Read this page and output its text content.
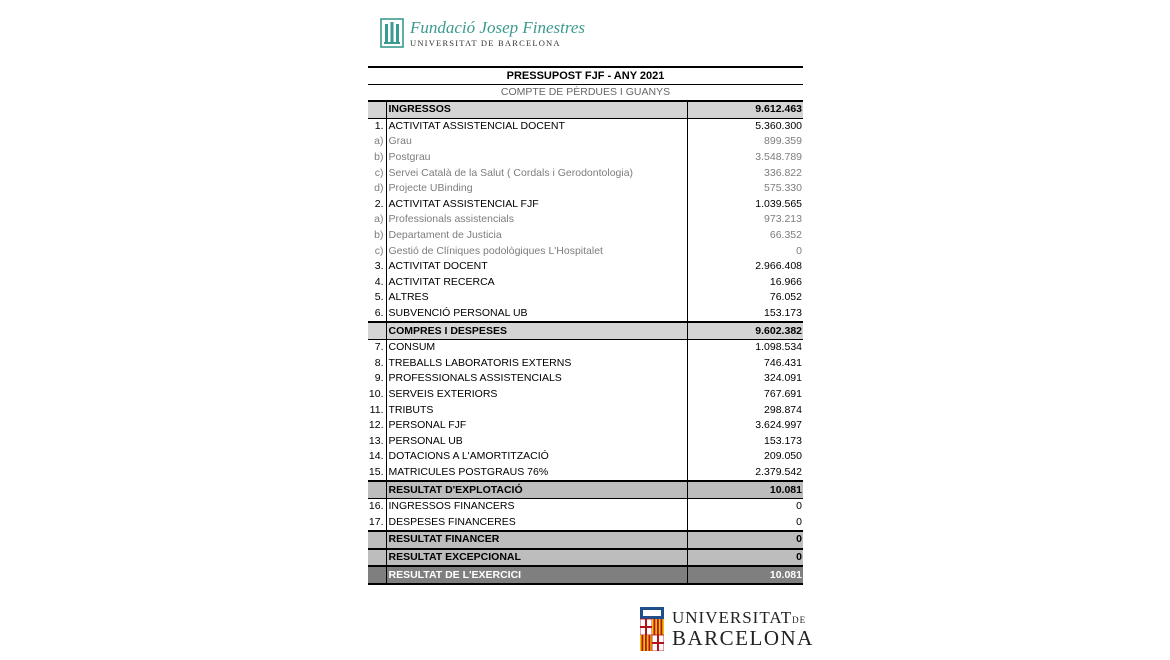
Fundació Josep Finestres
UNIVERSITAT DE BARCELONA
PRESSUPOST FJF - ANY 2021
COMPTE DE PÈRDUES I GUANYS
	INGRESSOS	9.612.463
1.	ACTIVITAT ASSISTENCIAL DOCENT	5.360.300
a)	Grau	899.359
b)	Postgrau	3.548.789
c)	Servei Català de la Salut ( Cordals i Gerodontologia)	336.822
d)	Projecte UBinding	575.330
2.	ACTIVITAT ASSISTENCIAL FJF	1.039.565
a)	Professionals assistencials	973.213
b)	Departament de Justicia	66.352
c)	Gestió de Clíniques podològiques L'Hospitalet	0
3.	ACTIVITAT DOCENT	2.966.408
4.	ACTIVITAT RECERCA	16.966
5.	ALTRES	76.052
6.	SUBVENCIÓ PERSONAL UB	153.173
	COMPRES I DESPESES	9.602.382
7.	CONSUM	1.098.534
8.	TREBALLS LABORATORIS EXTERNS	746.431
9.	PROFESSIONALS ASSISTENCIALS	324.091
10.	SERVEIS EXTERIORS	767.691
11.	TRIBUTS	298.874
12.	PERSONAL FJF	3.624.997
13.	PERSONAL UB	153.173
14.	DOTACIONS A L'AMORTITZACIÓ	209.050
15.	MATRICULES POSTGRAUS 76%	2.379.542
	RESULTAT D'EXPLOTACIÓ	10.081
16.	INGRESSOS FINANCERS	0
17.	DESPESES FINANCERES	0
	RESULTAT FINANCER	0
	RESULTAT EXCEPCIONAL	0
	RESULTAT DE L'EXERCICI	10.081
UNIVERSITATDE
BARCELONA
